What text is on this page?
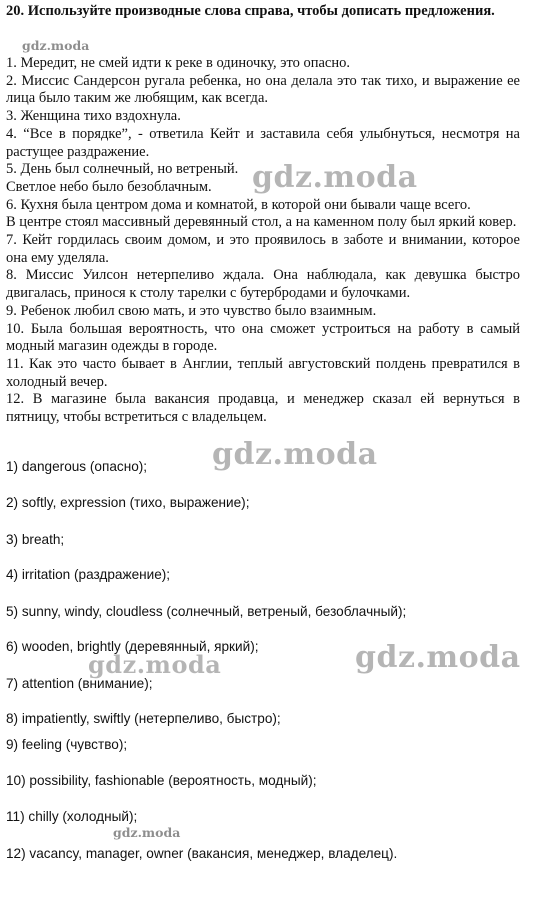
20. Используйте производные слова справа, чтобы дописать предложения.

1. Мередит, не смей идти к реке в одиночку, это опасно.

2. Миссис Сандерсон ругала ребенка, но она делала это так тихо, и выражение ее лица было таким же любящим, как всегда.

3. Женщина тихо вздохнула.

4. “Все в порядке”, - ответила Кейт и заставила себя улыбнуться, несмотря на растущее раздражение.

5. День был солнечный, но ветреный.

Светлое небо было безоблачным.

6. Кухня была центром дома и комнатой, в которой они бывали чаще всего.

В центре стоял массивный деревянный стол, а на каменном полу был яркий ковер.

7. Кейт гордилась своим домом, и это проявилось в заботе и внимании, которое она ему уделяла.

8. Миссис Уилсон нетерпеливо ждала. Она наблюдала, как девушка быстро двигалась, принося к столу тарелки с бутербродами и булочками.

9. Ребенок любил свою мать, и это чувство было взаимным.

10. Была большая вероятность, что она сможет устроиться на работу в самый модный магазин одежды в городе.

11. Как это часто бывает в Англии, теплый августовский полдень превратился в холодный вечер.

12. В магазине была вакансия продавца, и менеджер сказал ей вернуться в пятницу, чтобы встретиться с владельцем.

1) dangerous (опасно);
2) softly, expression (тихо, выражение);
3) breath;
4) irritation (раздражение);
5) sunny, windy, cloudless (солнечный, ветреный, безоблачный);
6) wooden, brightly (деревянный, яркий);
7) attention (внимание);
8) impatiently, swiftly (нетерпеливо, быстро);
9) feeling (чувство);
10) possibility, fashionable (вероятность, модный);
11) chilly (холодный);
12) vacancy, manager, owner (вакансия, менеджер, владелец).
gdz.moda
gdz.moda
gdz.moda
gdz.moda	gdz.moda
gdz.moda
